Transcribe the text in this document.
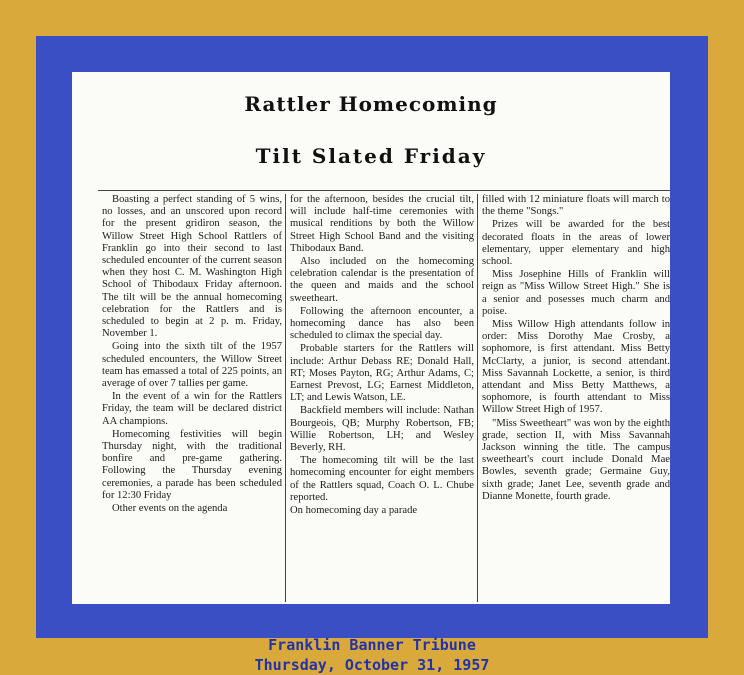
Rattler Homecoming
Tilt Slated Friday

Boasting a perfect standing of 5 wins, no losses, and an unscored upon record for the present gridiron season, the Willow Street High School Rattlers of Franklin go into their second to last scheduled encounter of the current season when they host C. M. Washington High School of Thibodaux Friday afternoon. The tilt will be the annual homecoming celebration for the Rattlers and is scheduled to begin at 2 p. m. Friday, November 1.

Going into the sixth tilt of the 1957 scheduled encounters, the Willow Street team has emassed a total of 225 points, an average of over 7 tallies per game.

In the event of a win for the Rattlers Friday, the team will be declared district AA champions.

Homecoming festivities will begin Thursday night, with the traditional bonfire and pre-game gathering. Following the Thursday evening ceremonies, a parade has been scheduled for 12:30 Friday

Other events on the agenda

for the afternoon, besides the crucial tilt, will include half-time ceremonies with musical renditions by both the Willow Street High School Band and the visiting Thibodaux Band.

Also included on the homecoming celebration calendar is the presentation of the queen and maids and the school sweetheart.

Following the afternoon encounter, a homecoming dance has also been scheduled to climax the special day.

Probable starters for the Rattlers will include: Arthur Debass RE; Donald Hall, RT; Moses Payton, RG; Arthur Adams, C; Earnest Prevost, LG; Earnest Middleton, LT; and Lewis Watson, LE.

Backfield members will include: Nathan Bourgeois, QB; Murphy Robertson, FB; Willie Robertson, LH; and Wesley Beverly, RH.

The homecoming tilt will be the last homecoming encounter for eight members of the Rattlers squad, Coach O. L. Chube reported.

On homecoming day a parade

filled with 12 miniature floats will march to the theme "Songs."

Prizes will be awarded for the best decorated floats in the areas of lower elementary, upper elementary and high school.

Miss Josephine Hills of Franklin will reign as "Miss Willow Street High." She is a senior and posesses much charm and poise.

Miss Willow High attendants follow in order: Miss Dorothy Mae Crosby, a sophomore, is first attendant. Miss Betty McClarty, a junior, is second attendant. Miss Savannah Lockette, a senior, is third attendant and Miss Betty Matthews, a sophomore, is fourth attendant to Miss Willow Street High of 1957.

"Miss Sweetheart" was won by the eighth grade, section II, with Miss Savannah Jackson winning the title. The campus sweetheart's court include Donald Mae Bowles, seventh grade; Germaine Guy, sixth grade; Janet Lee, seventh grade and Dianne Monette, fourth grade.

Franklin Banner Tribune
Thursday, October 31, 1957
